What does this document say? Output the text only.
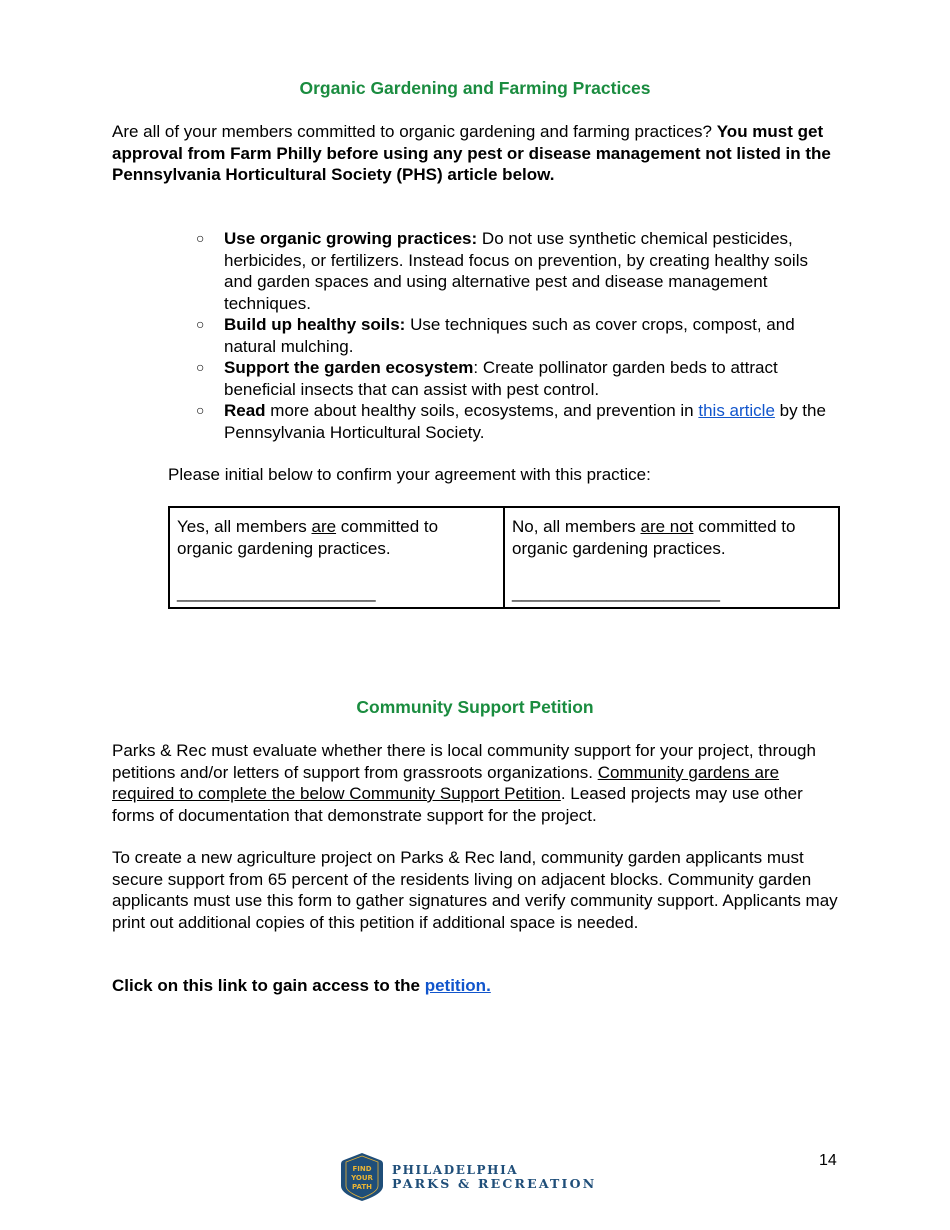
Organic Gardening and Farming Practices
Are all of your members committed to organic gardening and farming practices? You must get approval from Farm Philly before using any pest or disease management not listed in the Pennsylvania Horticultural Society (PHS) article below.
○ Use organic growing practices: Do not use synthetic chemical pesticides, herbicides, or fertilizers. Instead focus on prevention, by creating healthy soils and garden spaces and using alternative pest and disease management techniques.
○ Build up healthy soils: Use techniques such as cover crops, compost, and natural mulching.
○ Support the garden ecosystem: Create pollinator garden beds to attract beneficial insects that can assist with pest control.
○ Read more about healthy soils, ecosystems, and prevention in this article by the Pennsylvania Horticultural Society.
Please initial below to confirm your agreement with this practice:
Yes, all members are committed to organic gardening practices.
_____________________
	No, all members are not committed to organic gardening practices.
______________________
Community Support Petition
Parks & Rec must evaluate whether there is local community support for your project, through petitions and/or letters of support from grassroots organizations. Community gardens are required to complete the below Community Support Petition. Leased projects may use other forms of documentation that demonstrate support for the project.
To create a new agriculture project on Parks & Rec land, community garden applicants must secure support from 65 percent of the residents living on adjacent blocks. Community garden applicants must use this form to gather signatures and verify community support. Applicants may print out additional copies of this petition if additional space is needed.
Click on this link to gain access to the petition.
14
FIND
YOUR
PATH
PHILADELPHIA
PARKS & RECREATION
